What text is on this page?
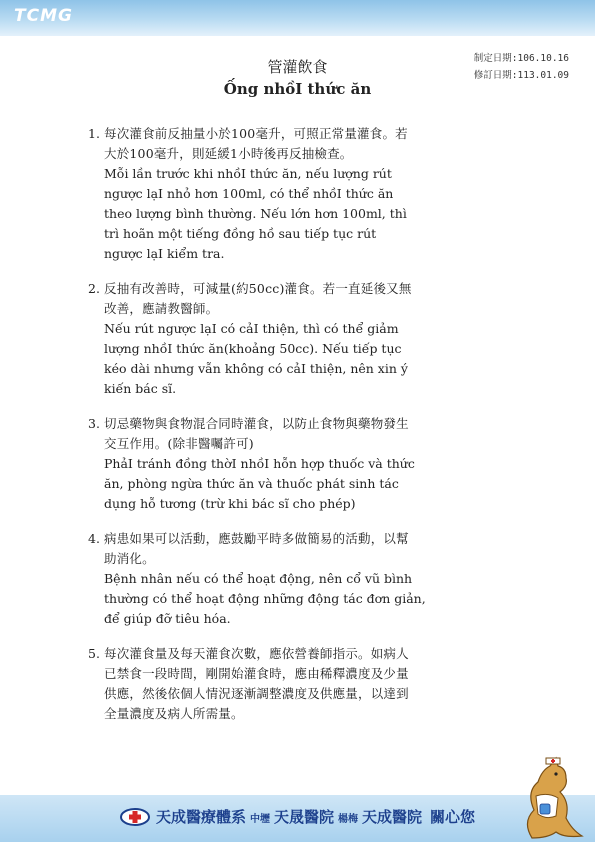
TCMG
制定日期:106.10.16
修訂日期:113.01.09
管灌飲食
Ống nhồI thức ăn
1. 每次灌食前反抽量小於100毫升，可照正常量灌食。若
大於100毫升，則延緩1小時後再反抽檢查。
Mỗi lần trước khi nhồI thức ăn, nếu lượng rút
ngược lạI nhỏ hơn 100ml, có thể nhồI thức ăn
theo lượng bình thường. Nếu lớn hơn 100ml, thì
trì hoãn một tiếng đồng hồ sau tiếp tục rút
ngược lạI kiểm tra.
2. 反抽有改善時，可減量(約50cc)灌食。若一直延後又無
改善，應請教醫師。
Nếu rút ngược lạI có cảI thiện, thì có thể giảm
lượng nhồI thức ăn(khoảng 50cc). Nếu tiếp tục
kéo dài nhưng vẫn không có cảI thiện, nên xin ý
kiến bác sĩ.
3. 切忌藥物與食物混合同時灌食，以防止食物與藥物發生
交互作用。(除非醫囑許可)
PhảI tránh đồng thờI nhồI hỗn hợp thuốc và thức
ăn, phòng ngừa thức ăn và thuốc phát sinh tác
dụng hỗ tương (trừ khi bác sĩ cho phép)
4. 病患如果可以活動，應鼓勵平時多做簡易的活動，以幫
助消化。
Bệnh nhân nếu có thể hoạt động, nên cổ vũ bình
thường có thể hoạt động những động tác đơn giản,
để giúp đỡ tiêu hóa.
5. 每次灌食量及每天灌食次數，應依營養師指示。如病人
已禁食一段時間，剛開始灌食時，應由稀釋濃度及少量
供應，然後依個人情況逐漸調整濃度及供應量，以達到
全量濃度及病人所需量。
天成醫療體系 中壢 天晟醫院 楊梅 天成醫院 關心您
